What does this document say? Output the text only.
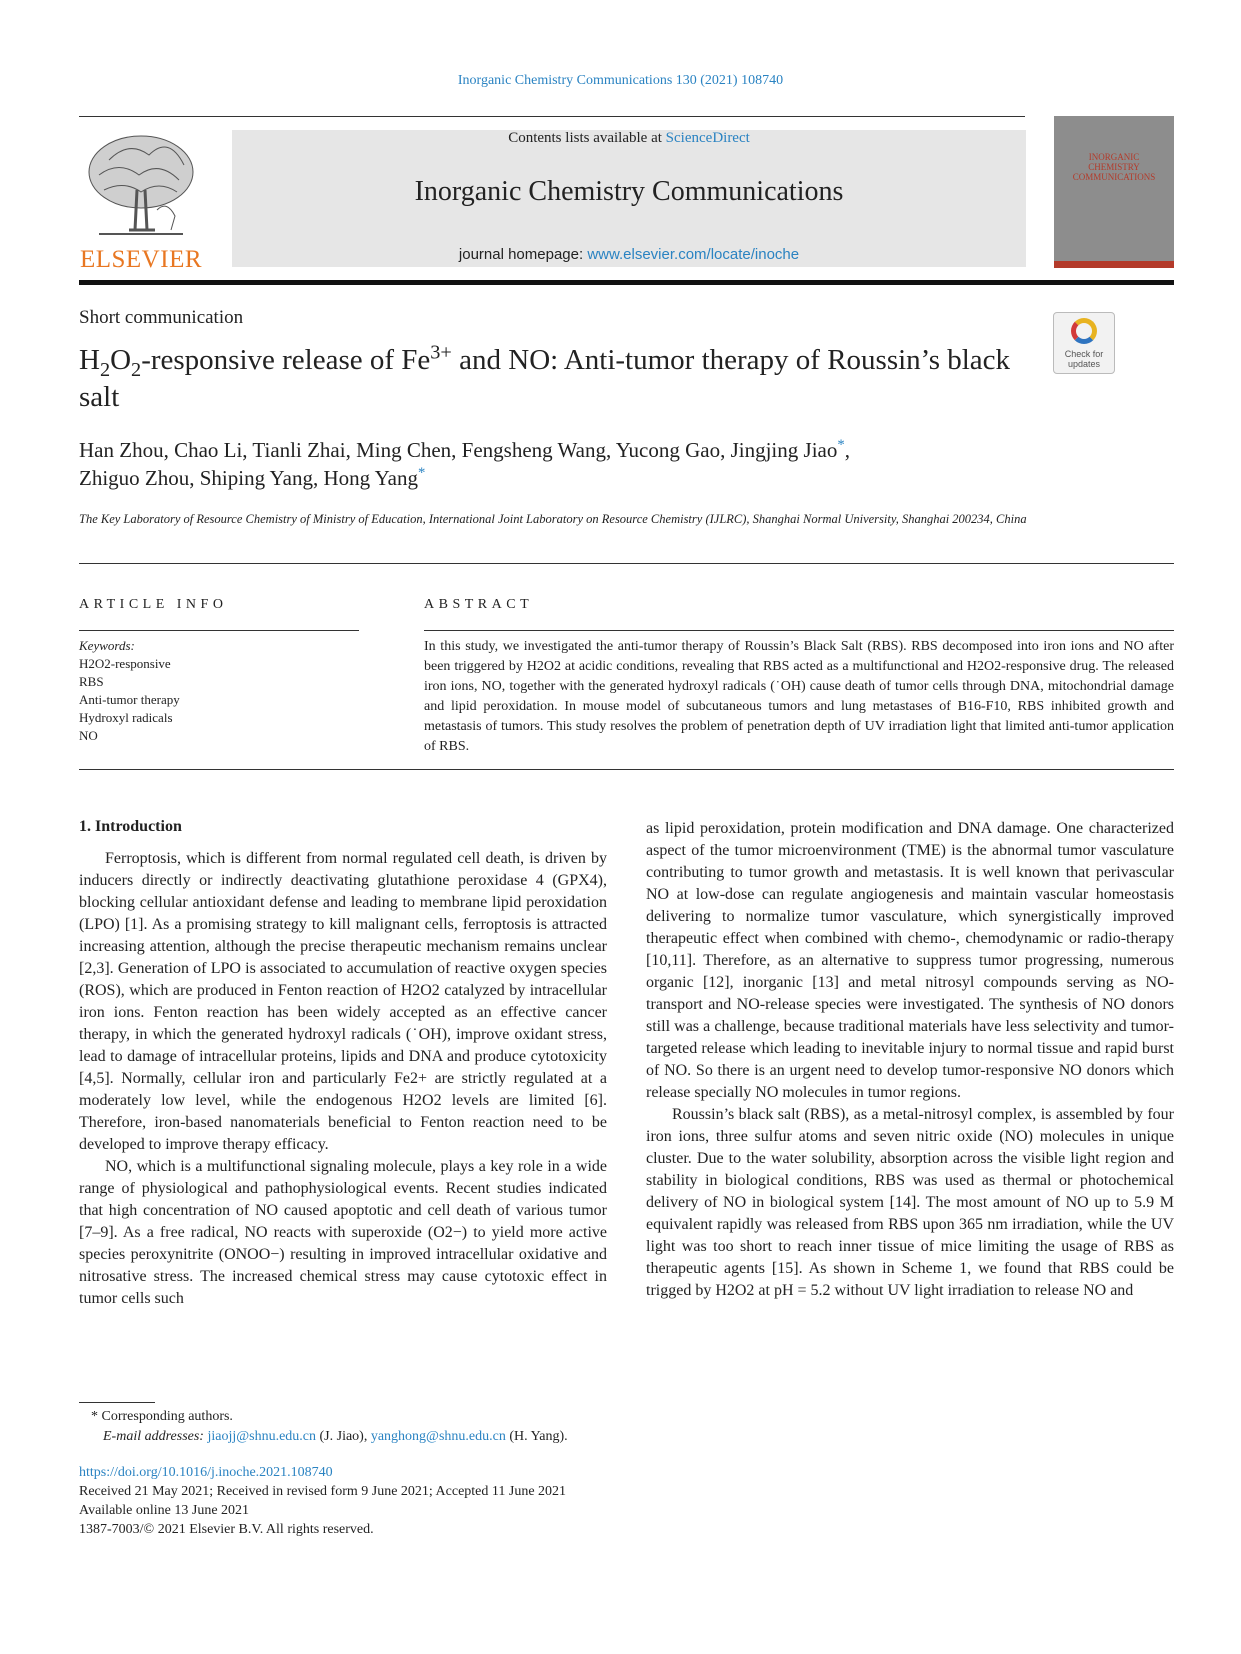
Inorganic Chemistry Communications 130 (2021) 108740
ELSEVIER
Contents lists available at ScienceDirect
Inorganic Chemistry Communications
journal homepage: www.elsevier.com/locate/inoche
INORGANIC CHEMISTRY COMMUNICATIONS
Short communication
Check for updates
$H_2O_2$-responsive release of $Fe^{3+}$ and NO: Anti-tumor therapy of Roussin’s black salt
Han Zhou, Chao Li, Tianli Zhai, Ming Chen, Fengsheng Wang, Yucong Gao, Jingjing Jiao*,
Zhiguo Zhou, Shiping Yang, Hong Yang*
The Key Laboratory of Resource Chemistry of Ministry of Education, International Joint Laboratory on Resource Chemistry (IJLRC), Shanghai Normal University, Shanghai 200234, China
ARTICLE INFO	ABSTRACT
Keywords:
H2O2-responsive
RBS
Anti-tumor therapy
Hydroxyl radicals
NO
In this study, we investigated the anti-tumor therapy of Roussin’s Black Salt (RBS). RBS decomposed into iron ions and NO after been triggered by H2O2 at acidic conditions, revealing that RBS acted as a multifunctional and H2O2-responsive drug. The released iron ions, NO, together with the generated hydroxyl radicals (˙OH) cause death of tumor cells through DNA, mitochondrial damage and lipid peroxidation. In mouse model of subcutaneous tumors and lung metastases of B16-F10, RBS inhibited growth and metastasis of tumors. This study resolves the problem of penetration depth of UV irradiation light that limited anti-tumor application of RBS.
1. Introduction

Ferroptosis, which is different from normal regulated cell death, is driven by inducers directly or indirectly deactivating glutathione peroxidase 4 (GPX4), blocking cellular antioxidant defense and leading to membrane lipid peroxidation (LPO) [1]. As a promising strategy to kill malignant cells, ferroptosis is attracted increasing attention, although the precise therapeutic mechanism remains unclear [2,3]. Generation of LPO is associated to accumulation of reactive oxygen species (ROS), which are produced in Fenton reaction of H2O2 catalyzed by intracellular iron ions. Fenton reaction has been widely accepted as an effective cancer therapy, in which the generated hydroxyl radicals (˙OH), improve oxidant stress, lead to damage of intracellular proteins, lipids and DNA and produce cytotoxicity [4,5]. Normally, cellular iron and particularly Fe2+ are strictly regulated at a moderately low level, while the endogenous H2O2 levels are limited [6]. Therefore, iron-based nanomaterials beneficial to Fenton reaction need to be developed to improve therapy efficacy.

NO, which is a multifunctional signaling molecule, plays a key role in a wide range of physiological and pathophysiological events. Recent studies indicated that high concentration of NO caused apoptotic and cell death of various tumor [7–9]. As a free radical, NO reacts with superoxide (O2−) to yield more active species peroxynitrite (ONOO−) resulting in improved intracellular oxidative and nitrosative stress. The increased chemical stress may cause cytotoxic effect in tumor cells such

as lipid peroxidation, protein modification and DNA damage. One characterized aspect of the tumor microenvironment (TME) is the abnormal tumor vasculature contributing to tumor growth and metastasis. It is well known that perivascular NO at low-dose can regulate angiogenesis and maintain vascular homeostasis delivering to normalize tumor vasculature, which synergistically improved therapeutic effect when combined with chemo-, chemodynamic or radio-therapy [10,11]. Therefore, as an alternative to suppress tumor progressing, numerous organic [12], inorganic [13] and metal nitrosyl compounds serving as NO-transport and NO-release species were investigated. The synthesis of NO donors still was a challenge, because traditional materials have less selectivity and tumor-targeted release which leading to inevitable injury to normal tissue and rapid burst of NO. So there is an urgent need to develop tumor-responsive NO donors which release specially NO molecules in tumor regions.

Roussin’s black salt (RBS), as a metal-nitrosyl complex, is assembled by four iron ions, three sulfur atoms and seven nitric oxide (NO) molecules in unique cluster. Due to the water solubility, absorption across the visible light region and stability in biological conditions, RBS was used as thermal or photochemical delivery of NO in biological system [14]. The most amount of NO up to 5.9 M equivalent rapidly was released from RBS upon 365 nm irradiation, while the UV light was too short to reach inner tissue of mice limiting the usage of RBS as therapeutic agents [15]. As shown in Scheme 1, we found that RBS could be trigged by H2O2 at pH = 5.2 without UV light irradiation to release NO and

* Corresponding authors.
E-mail addresses: jiaojj@shnu.edu.cn (J. Jiao), yanghong@shnu.edu.cn (H. Yang).
https://doi.org/10.1016/j.inoche.2021.108740
Received 21 May 2021; Received in revised form 9 June 2021; Accepted 11 June 2021
Available online 13 June 2021
1387-7003/© 2021 Elsevier B.V. All rights reserved.
